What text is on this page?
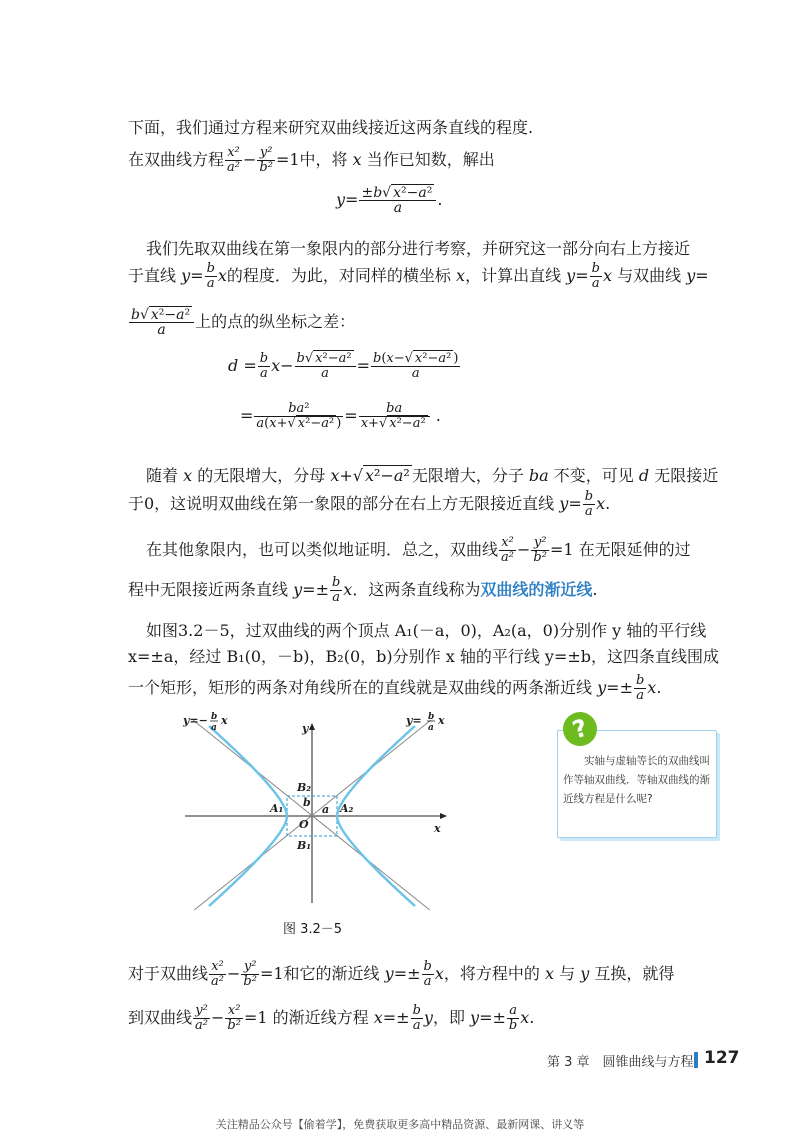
下面，我们通过方程来研究双曲线接近这两条直线的程度.
在双曲线方程 $\frac{\text{x²}}{\text{a²}} - \frac{\text{y²}}{\text{b²}} =1$中，将 x 当作已知数，解出
$y= \frac{\text{±b√ x²−a²}}{a}$ .
我们先取双曲线在第一象限内的部分进行考察，并研究这一部分向右上方接近
于直线 $y= \frac{b}{a}$ x的程度．为此，对同样的横坐标 x，计算出直线 $y= \frac{b}{a}$ x 与双曲线 y=
$\frac{\text{b√ x²−a²}}{a}$ 上的点的纵坐标之差：
$d = \frac{b}{a} x- \frac{\text{b√ x²−a²}}{a} = \frac{\text{b(x−√ x²−a² )}}{a}$
= $\frac{\text{ba²}}{\text{a(x+√ x²−a² )}} = \frac{ba}{\text{x+√ x²−a²}}$ .
随着 x 的无限增大，分母 x+√ x²−a² 无限增大，分子 ba 不变，可见 d 无限接近
于0，这说明双曲线在第一象限的部分在右上方无限接近直线 $y= \frac{b}{a} x$.
在其他象限内，也可以类似地证明．总之，双曲线 $\frac{\text{x²}}{\text{a²}} - \frac{\text{y²}}{\text{b²}} =1$ 在无限延伸的过
程中无限接近两条直线 $y=\pm \frac{b}{a}$ x．这两条直线称为双曲线的渐近线.
如图3.2－5，过双曲线的两个顶点 A₁(－a，0)，A₂(a，0)分别作 y 轴的平行线
x=±a，经过 B₁(0，－b)，B₂(0，b)分别作 x 轴的平行线 y=±b，这四条直线围成
一个矩形，矩形的两条对角线所在的直线就是双曲线的两条渐近线 $y=\pm \frac{b}{a} x$.
y=− b
a
x	y= b
a
x
y
x
O
a
b
A₁	A₂
B₂
B₁
图 3.2－5
?
实轴与虚轴等长的双曲线叫作等轴双曲线．等轴双曲线的渐近线方程是什么呢?
对于双曲线 $\frac{\text{x²}}{\text{a²}} - \frac{\text{y²}}{\text{b²}} =1$和它的渐近线 $y=\pm \frac{b}{a}$ x，将方程中的 x 与 y 互换，就得
到双曲线 $\frac{\text{y²}}{\text{a²}} - \frac{\text{x²}}{\text{b²}} =1$ 的渐近线方程 $x=\pm \frac{b}{a}$ y，即 $y=\pm \frac{a}{b} x$.
第 3 章　圆锥曲线与方程 127
关注精品公众号【偷着学】，免费获取更多高中精品资源、最新网课、讲义等
